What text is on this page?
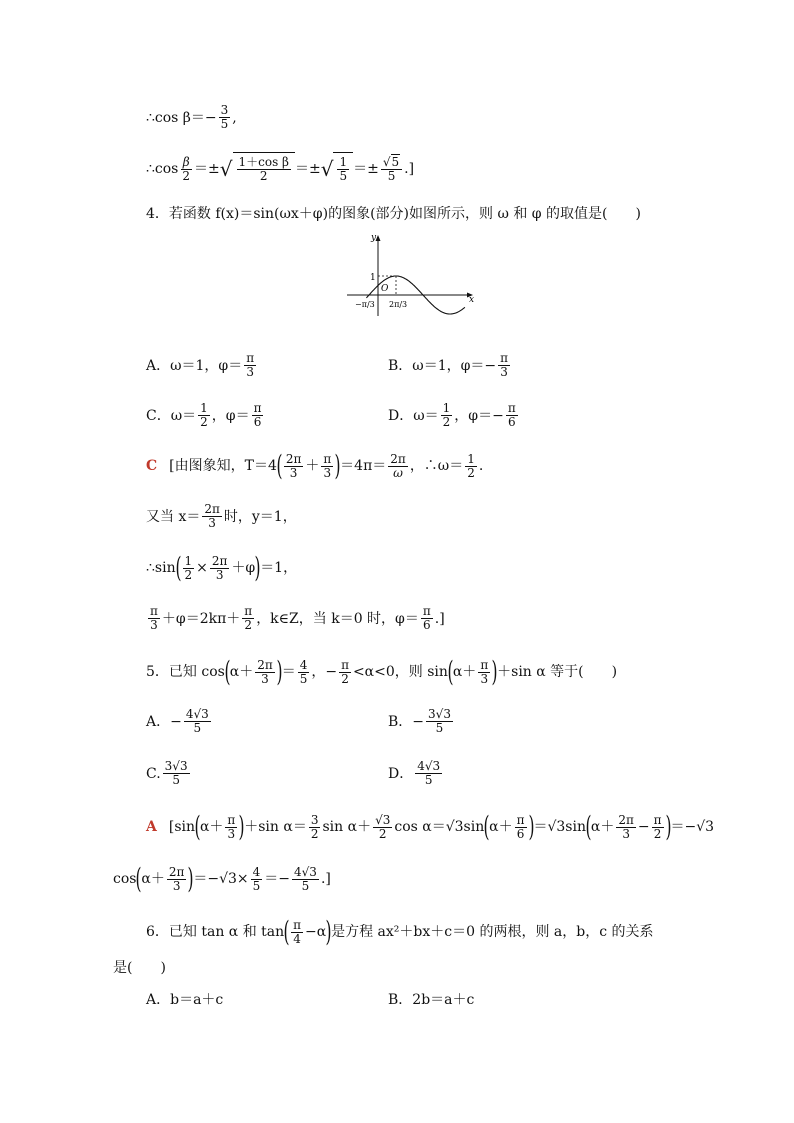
∴cos $\beta=- \frac{3}{5}$ ,
∴cos $\frac{\beta}{2}$ ＝± √ $\frac{\text{1＋cos β}}{2}$ ＝± √ $\frac{1}{5} =\pm \frac{√5}{5}$ .]
4．若函数 f(x)＝sin(ωx＋φ)的图象(部分)如图所示，则 ω 和 φ 的取值是(　　)
y
x
1
O
−π/3 2π/3
A．ω＝1，$\varphi= \frac{\pi}{3}$	B．ω＝1，$\varphi=- \frac{\pi}{3}$
C．$\omega= \frac{1}{2}$ ，$\varphi= \frac{\pi}{6}$	D．$\omega= \frac{1}{2}$ ，$\varphi=- \frac{\pi}{6}$
C [由图象知，T＝4 ( $\frac{2\pi}{3} + \frac{\pi}{3}$ ) $=4\pi= \frac{2\pi}{\omega}$ ，∴ω＝ $\frac{1}{2}$ .
又当 $x= \frac{2\pi}{3}$ 时，y＝1，
∴sin ( $\frac{1}{2} \times \frac{2\pi}{3} +\varphi$ ) ＝1，
$\frac{\pi}{3} +\varphi=2k\pi+ \frac{\pi}{2}$ ，k∈Z，当 k＝0 时，$\varphi= \frac{\pi}{6}$ .]
5．已知 cos ( $\alpha+ \frac{2\pi}{3}$ ) ＝ $\frac{4}{5}$ ，− $\frac{\pi}{2} <\alpha<0$，则 sin ( $\alpha+ \frac{\pi}{3}$ ) ＋sin α 等于(　　)
A．− $\frac{4√3}{5}$	B．− $\frac{3√3}{5}$
C. $\frac{3√3}{5}$	D． $\frac{4√3}{5}$
A [sin ( $\alpha+ \frac{\pi}{3}$ ) ＋sin $\alpha= \frac{3}{2}$ $\sin \alpha+ \frac{√3}{2}$ cos α＝√3sin ( $\alpha+ \frac{\pi}{6}$ ) ＝√3sin ( $\alpha+ \frac{2\pi}{3} - \frac{\pi}{2}$ ) ＝−√3
cos ( $\alpha+ \frac{2\pi}{3}$ ) $=-√3\times \frac{4}{5} =- \frac{4√3}{5}$ .]
6．已知 tan α 和 tan ( $\frac{\pi}{4} -\alpha$ ) 是方程 ax²＋bx＋c＝0 的两根，则 a，b，c 的关系
是(　　)
A．b＝a＋c	B．2b＝a＋c
